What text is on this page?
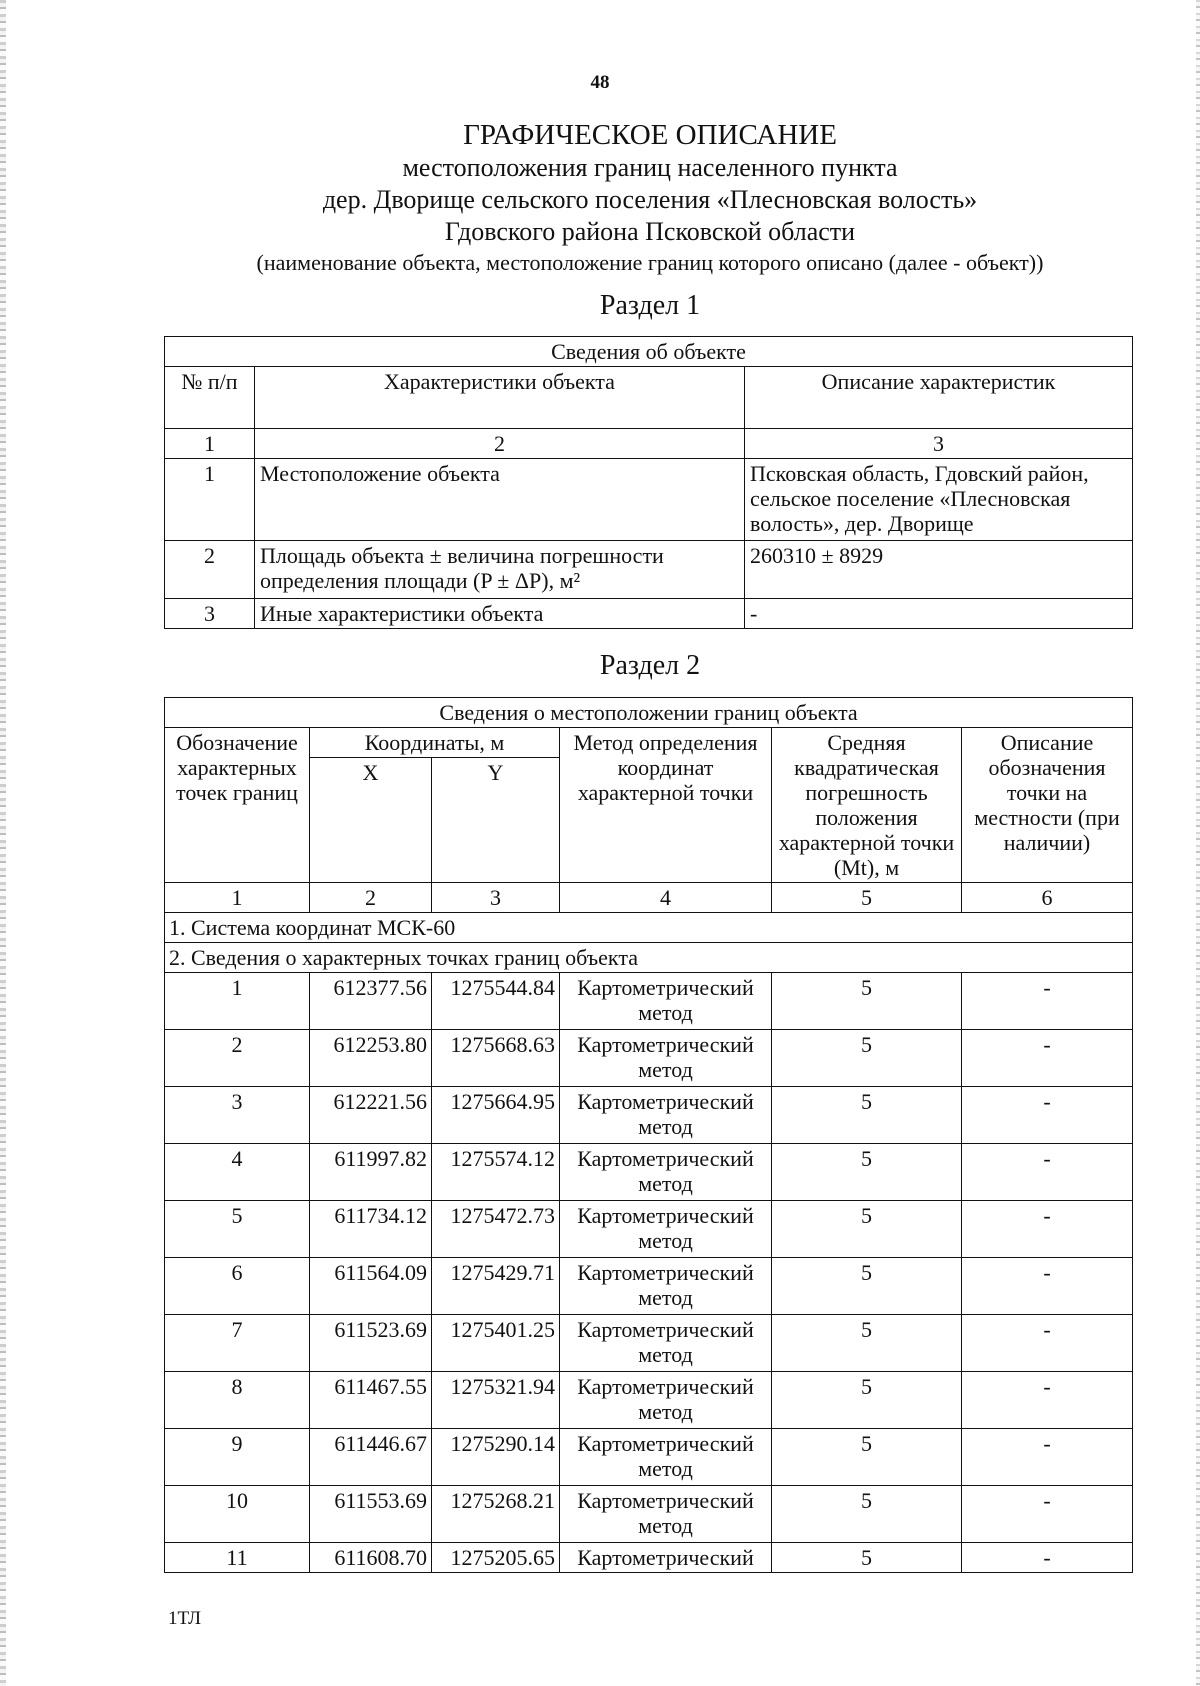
48
ГРАФИЧЕСКОЕ ОПИСАНИЕ
местоположения границ населенного пункта
дер. Дворище сельского поселения «Плесновская волость»
Гдовского района Псковской области
(наименование объекта, местоположение границ которого описано (далее - объект))
Раздел 1
Сведения об объекте		
№ п/п	Характеристики объекта	Описание характеристик
1	2	3
1	Местоположение объекта	Псковская область, Гдовский район, сельское поселение «Плесновская волость», дер. Дворище
2	Площадь объекта ± величина погрешности определения площади (P ± ΔP), м²	260310 ± 8929
3	Иные характеристики объекта	-
Раздел 2
Сведения о местоположении границ объекта					
Обозначение характерных точек границ	Координаты, м		Метод определения координат характерной точки	Средняя квадратическая погрешность положения характерной точки (Mt), м	Описание обозначения точки на местности (при наличии)
	X	Y			
1	2	3	4	5	6
1. Система координат МСК-60					
2. Сведения о характерных точках границ объекта					
1	612377.56	1275544.84	Картометрический метод	5	-
2	612253.80	1275668.63	Картометрический метод	5	-
3	612221.56	1275664.95	Картометрический метод	5	-
4	611997.82	1275574.12	Картометрический метод	5	-
5	611734.12	1275472.73	Картометрический метод	5	-
6	611564.09	1275429.71	Картометрический метод	5	-
7	611523.69	1275401.25	Картометрический метод	5	-
8	611467.55	1275321.94	Картометрический метод	5	-
9	611446.67	1275290.14	Картометрический метод	5	-
10	611553.69	1275268.21	Картометрический метод	5	-
11	611608.70	1275205.65	Картометрический	5	-
1ТЛ
